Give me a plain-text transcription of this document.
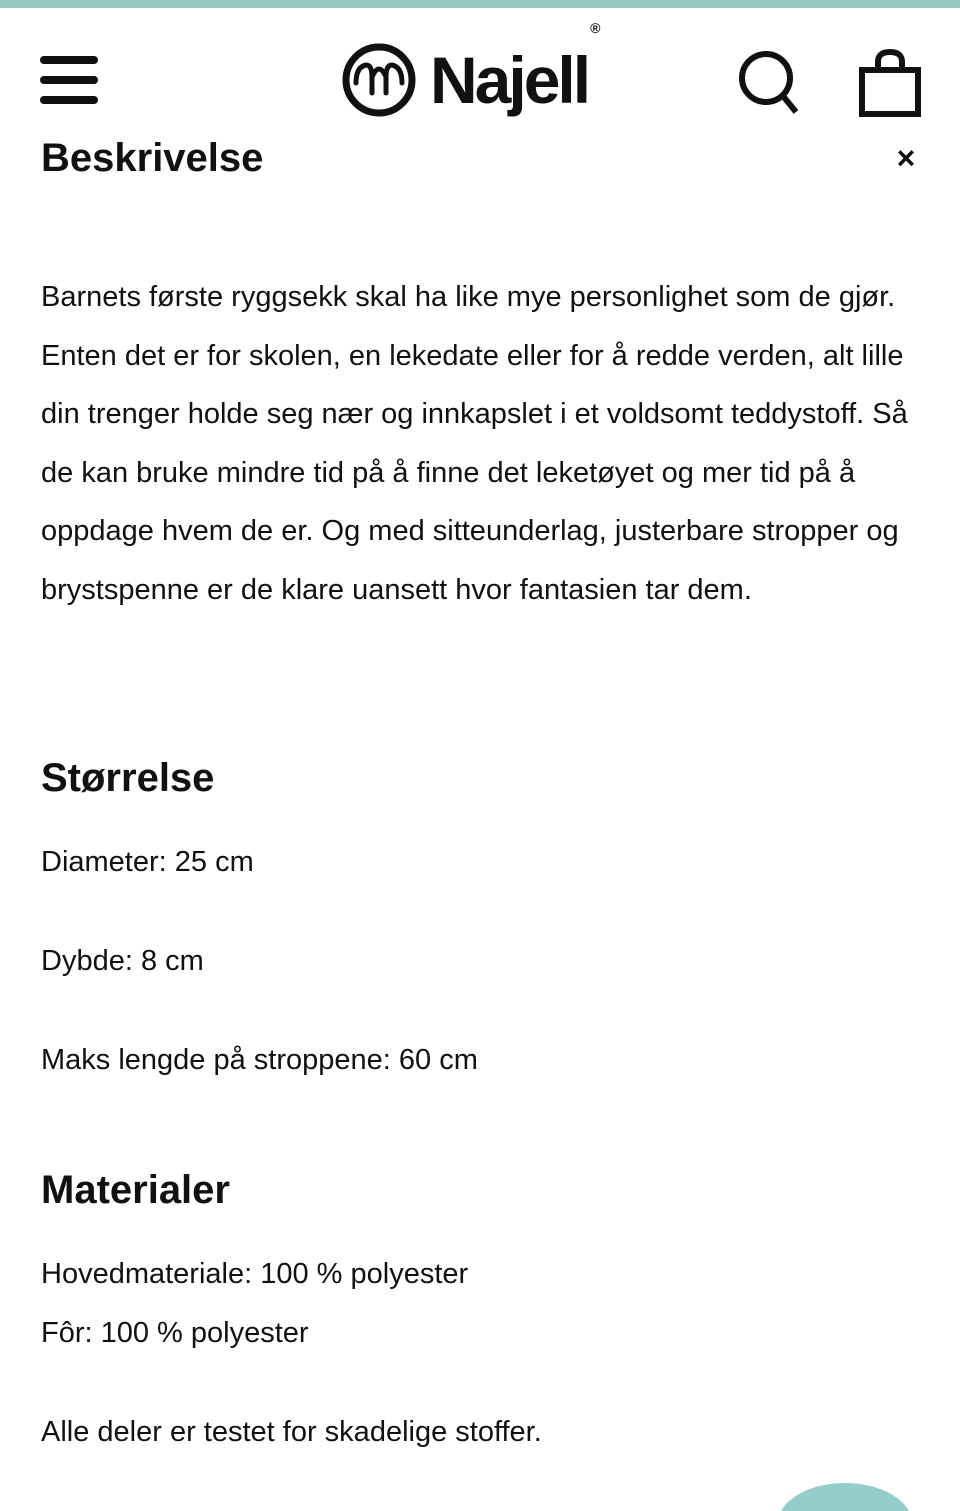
Najell®
Beskrivelse	×

Barnets første ryggsekk skal ha like mye personlighet som de gjør. Enten det er for skolen, en lekedate eller for å redde verden, alt lille din trenger holde seg nær og innkapslet i et voldsomt teddystoff. Så de kan bruke mindre tid på å finne det leketøyet og mer tid på å oppdage hvem de er. Og med sitteunderlag, justerbare stropper og brystspenne er de klare uansett hvor fantasien tar dem.

Størrelse
Diameter: 25 cm
Dybde: 8 cm
Maks lengde på stroppene: 60 cm
Materialer
Hovedmateriale: 100 % polyester
Fôr: 100 % polyester
Alle deler er testet for skadelige stoffer.
